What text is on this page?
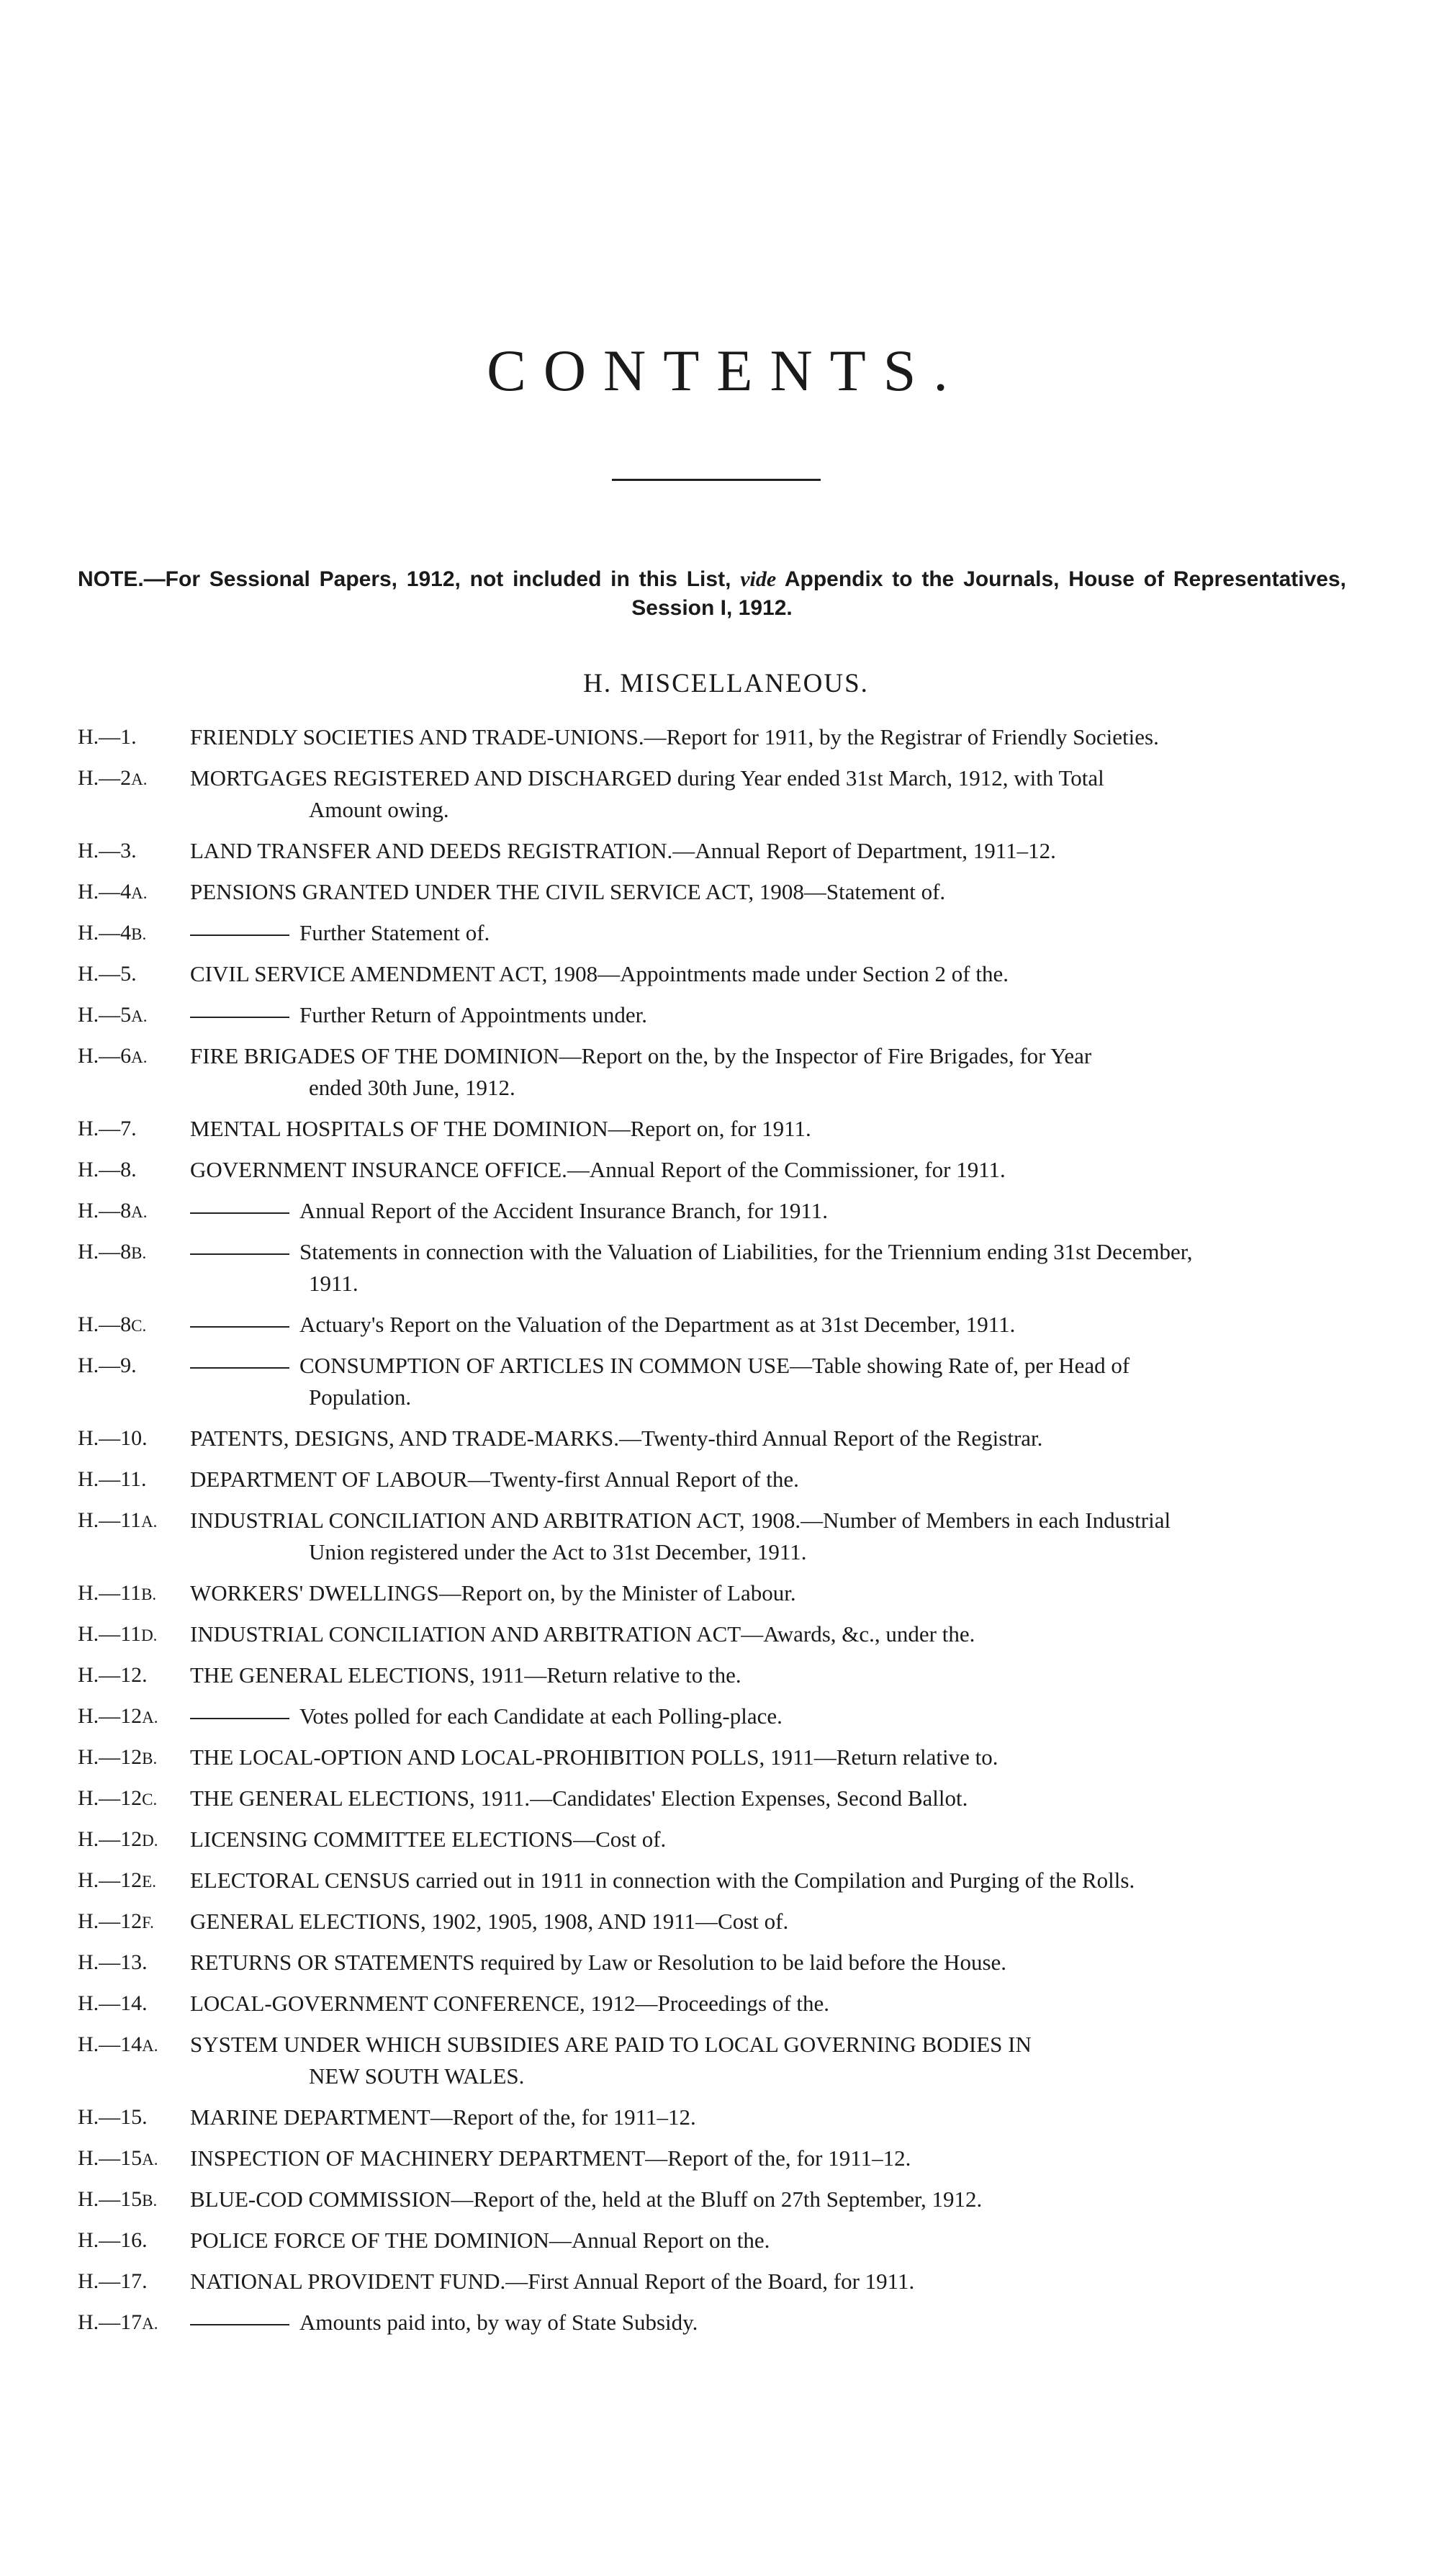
CONTENTS.
NOTE.—For Sessional Papers, 1912, not included in this List, vide Appendix to the Journals, House of Representatives, Session I, 1912.
H. MISCELLANEOUS.
H.—1.	FRIENDLY SOCIETIES AND TRADE-UNIONS.—Report for 1911, by the Registrar of Friendly Societies.
H.—2A.	MORTGAGES REGISTERED AND DISCHARGED during Year ended 31st March, 1912, with Total
Amount owing.
H.—3.	LAND TRANSFER AND DEEDS REGISTRATION.—Annual Report of Department, 1911–12.
H.—4A.	PENSIONS GRANTED UNDER THE CIVIL SERVICE ACT, 1908—Statement of.
H.—4B.	Further Statement of.
H.—5.	CIVIL SERVICE AMENDMENT ACT, 1908—Appointments made under Section 2 of the.
H.—5A.	Further Return of Appointments under.
H.—6A.	FIRE BRIGADES OF THE DOMINION—Report on the, by the Inspector of Fire Brigades, for Year
ended 30th June, 1912.
H.—7.	MENTAL HOSPITALS OF THE DOMINION—Report on, for 1911.
H.—8.	GOVERNMENT INSURANCE OFFICE.—Annual Report of the Commissioner, for 1911.
H.—8A.	Annual Report of the Accident Insurance Branch, for 1911.
H.—8B.	Statements in connection with the Valuation of Liabilities, for the Triennium ending 31st December,
1911.
H.—8C.	Actuary's Report on the Valuation of the Department as at 31st December, 1911.
H.—9.	CONSUMPTION OF ARTICLES IN COMMON USE—Table showing Rate of, per Head of
Population.
H.—10.	PATENTS, DESIGNS, AND TRADE-MARKS.—Twenty-third Annual Report of the Registrar.
H.—11.	DEPARTMENT OF LABOUR—Twenty-first Annual Report of the.
H.—11A.	INDUSTRIAL CONCILIATION AND ARBITRATION ACT, 1908.—Number of Members in each Industrial
Union registered under the Act to 31st December, 1911.
H.—11B.	WORKERS' DWELLINGS—Report on, by the Minister of Labour.
H.—11D.	INDUSTRIAL CONCILIATION AND ARBITRATION ACT—Awards, &c., under the.
H.—12.	THE GENERAL ELECTIONS, 1911—Return relative to the.
H.—12A.	Votes polled for each Candidate at each Polling-place.
H.—12B.	THE LOCAL-OPTION AND LOCAL-PROHIBITION POLLS, 1911—Return relative to.
H.—12C.	THE GENERAL ELECTIONS, 1911.—Candidates' Election Expenses, Second Ballot.
H.—12D.	LICENSING COMMITTEE ELECTIONS—Cost of.
H.—12E.	ELECTORAL CENSUS carried out in 1911 in connection with the Compilation and Purging of the Rolls.
H.—12F.	GENERAL ELECTIONS, 1902, 1905, 1908, AND 1911—Cost of.
H.—13.	RETURNS OR STATEMENTS required by Law or Resolution to be laid before the House.
H.—14.	LOCAL-GOVERNMENT CONFERENCE, 1912—Proceedings of the.
H.—14A.	SYSTEM UNDER WHICH SUBSIDIES ARE PAID TO LOCAL GOVERNING BODIES IN
NEW SOUTH WALES.
H.—15.	MARINE DEPARTMENT—Report of the, for 1911–12.
H.—15A.	INSPECTION OF MACHINERY DEPARTMENT—Report of the, for 1911–12.
H.—15B.	BLUE-COD COMMISSION—Report of the, held at the Bluff on 27th September, 1912.
H.—16.	POLICE FORCE OF THE DOMINION—Annual Report on the.
H.—17.	NATIONAL PROVIDENT FUND.—First Annual Report of the Board, for 1911.
H.—17A.	Amounts paid into, by way of State Subsidy.
